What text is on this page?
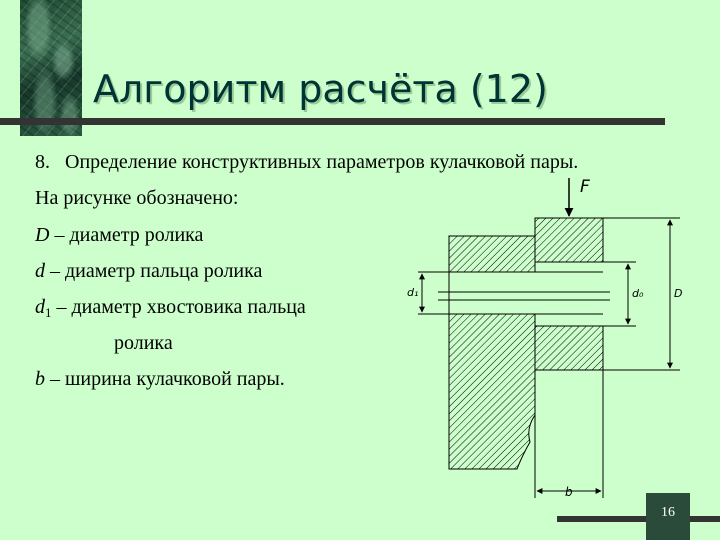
Алгоритм расчёта (12)
8. Определение конструктивных параметров кулачковой пары.
На рисунке обозначено:
D – диаметр ролика
d – диаметр пальца ролика
$d_1$ – диаметр хвостовика пальца
ролика
b – ширина кулачковой пары.
F
d₁	d₀	D
b
16
